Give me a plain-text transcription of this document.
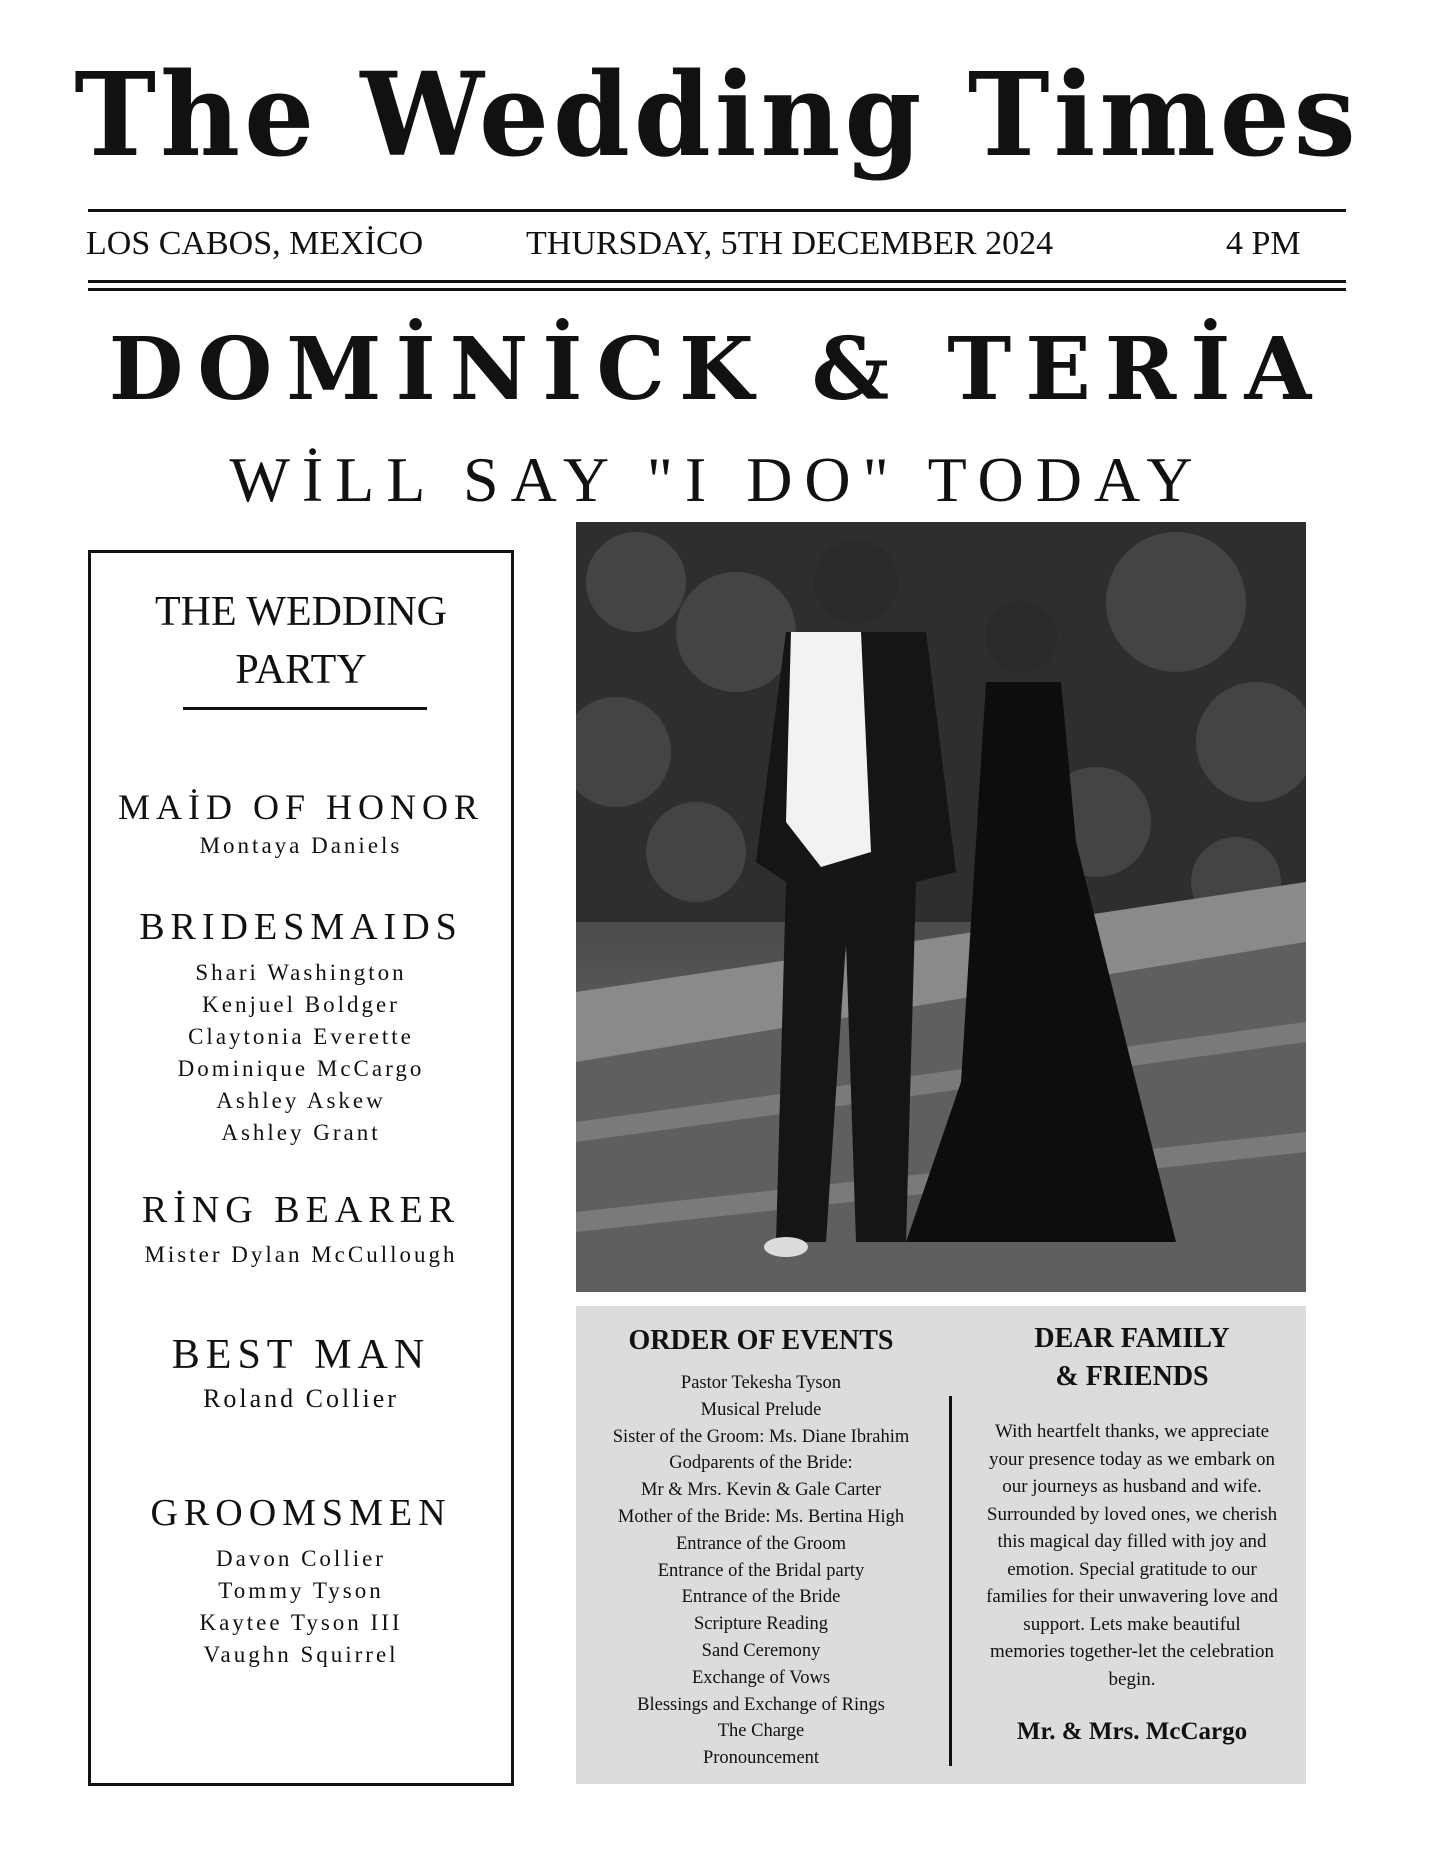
The Wedding Times
LOS CABOS, MEXİCO	THURSDAY, 5TH DECEMBER 2024	4 PM
DOMİNİCK & TERİA
WİLL SAY "I DO" TODAY
THE WEDDING
PARTY
MAİD OF HONOR
Montaya Daniels
BRIDESMAIDS
Shari Washington
Kenjuel Boldger
Claytonia Everette
Dominique McCargo
Ashley Askew
Ashley Grant
RİNG BEARER
Mister Dylan McCullough
BEST MAN
Roland Collier
GROOMSMEN
Davon Collier
Tommy Tyson
Kaytee Tyson III
Vaughn Squirrel
ORDER OF EVENTS
Pastor Tekesha Tyson
Musical Prelude
Sister of the Groom: Ms. Diane Ibrahim
Godparents of the Bride:
Mr & Mrs. Kevin & Gale Carter
Mother of the Bride: Ms. Bertina High
Entrance of the Groom
Entrance of the Bridal party
Entrance of the Bride
Scripture Reading
Sand Ceremony
Exchange of Vows
Blessings and Exchange of Rings
The Charge
Pronouncement
DEAR FAMILY
& FRIENDS
With heartfelt thanks, we appreciate
your presence today as we embark on
our journeys as husband and wife.
Surrounded by loved ones, we cherish
this magical day filled with joy and
emotion. Special gratitude to our
families for their unwavering love and
support. Lets make beautiful
memories together-let the celebration
begin.
Mr. & Mrs. McCargo
